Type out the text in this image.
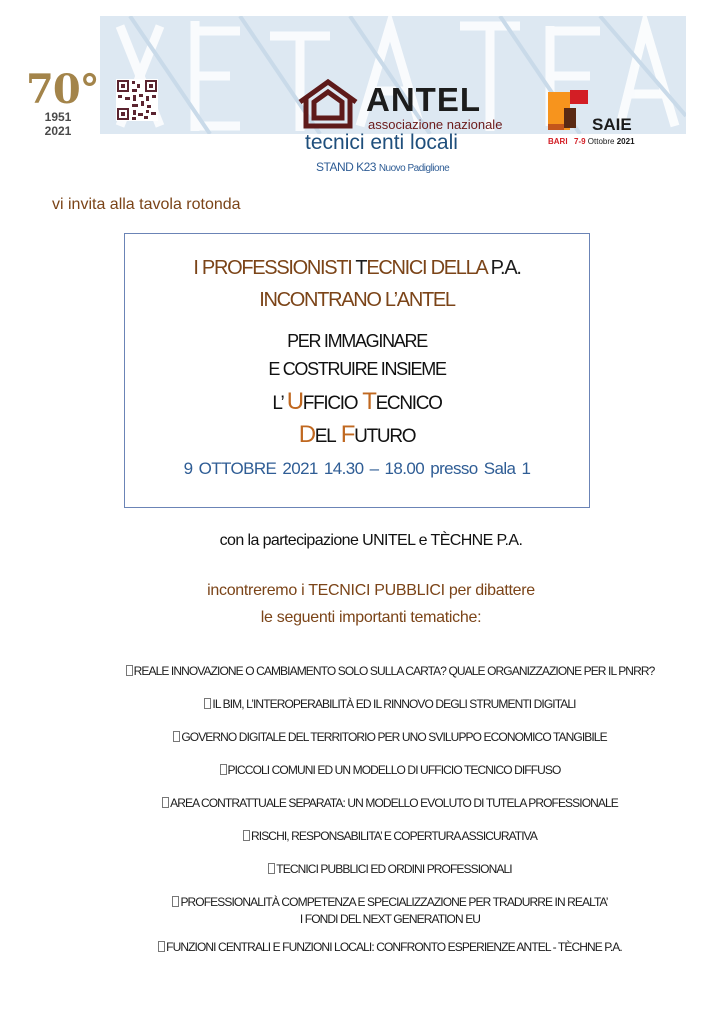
70°
1951
2021
ANTEL
associazione nazionale
tecnici enti locali
STAND K23 Nuovo Padiglione
SAIE
BARI 7-9 Ottobre 2021
vi invita alla tavola rotonda
I PROFESSIONISTI TECNICI DELLA P.A.
INCONTRANO L’ANTEL
PER IMMAGINARE
E COSTRUIRE INSIEME
L’ UFFICIO TECNICO
DEL FUTURO
9 OTTOBRE 2021 14.30 – 18.00 presso Sala 1
con la partecipazione UNITEL e TÈCHNE P.A.
incontreremo i TECNICI PUBBLICI per dibattere
le seguenti importanti tematiche:
REALE INNOVAZIONE O CAMBIAMENTO SOLO SULLA CARTA? QUALE ORGANIZZAZIONE PER IL PNRR?
IL BIM, L’INTEROPERABILITÀ ED IL RINNOVO DEGLI STRUMENTI DIGITALI
GOVERNO DIGITALE DEL TERRITORIO PER UNO SVILUPPO ECONOMICO TANGIBILE
PICCOLI COMUNI ED UN MODELLO DI UFFICIO TECNICO DIFFUSO
AREA CONTRATTUALE SEPARATA: UN MODELLO EVOLUTO DI TUTELA PROFESSIONALE
RISCHI, RESPONSABILITA’ E COPERTURA ASSICURATIVA
TECNICI PUBBLICI ED ORDINI PROFESSIONALI
PROFESSIONALITÀ COMPETENZA E SPECIALIZZAZIONE PER TRADURRE IN REALTA’
I FONDI DEL NEXT GENERATION EU
FUNZIONI CENTRALI E FUNZIONI LOCALI: CONFRONTO ESPERIENZE ANTEL - TÈCHNE P.A.
